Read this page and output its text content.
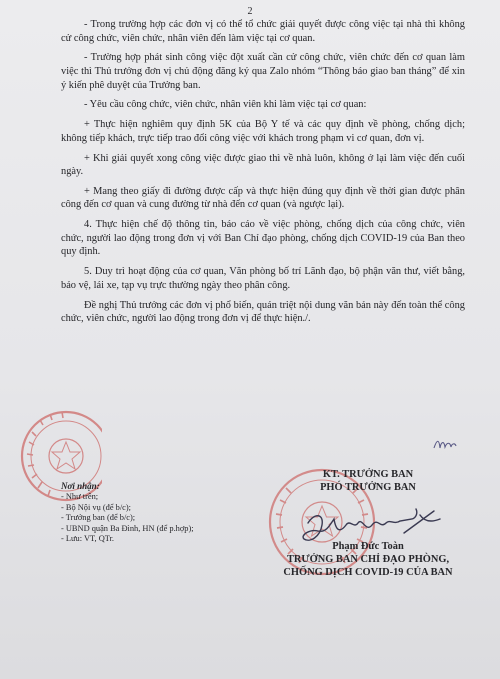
2

- Trong trường hợp các đơn vị có thể tổ chức giải quyết được công việc tại nhà thì không cử công chức, viên chức, nhân viên đến làm việc tại cơ quan.

- Trường hợp phát sinh công việc đột xuất cần cử công chức, viên chức đến cơ quan làm việc thì Thủ trưởng đơn vị chủ động đăng ký qua Zalo nhóm “Thông báo giao ban tháng” để xin ý kiến phê duyệt của Trưởng ban.

- Yêu cầu công chức, viên chức, nhân viên khi làm việc tại cơ quan:

+ Thực hiện nghiêm quy định 5K của Bộ Y tế và các quy định về phòng, chống dịch; không tiếp khách, trực tiếp trao đổi công việc với khách trong phạm vi cơ quan, đơn vị.

+ Khi giải quyết xong công việc được giao thì về nhà luôn, không ở lại làm việc đến cuối ngày.

+ Mang theo giấy đi đường được cấp và thực hiện đúng quy định về thời gian được phân công đến cơ quan và cung đường từ nhà đến cơ quan (và ngược lại).

4. Thực hiện chế độ thông tin, báo cáo về việc phòng, chống dịch của công chức, viên chức, người lao động trong đơn vị với Ban Chỉ đạo phòng, chống dịch COVID-19 của Ban theo quy định.

5. Duy trì hoạt động của cơ quan, Văn phòng bố trí Lãnh đạo, bộ phận văn thư, viết bằng, bảo vệ, lái xe, tạp vụ trực thường ngày theo phân công.

Đề nghị Thủ trưởng các đơn vị phổ biến, quán triệt nội dung văn bản này đến toàn thể công chức, viên chức, người lao động trong đơn vị để thực hiện./.

Nơi nhận:
- Như trên;
- Bộ Nội vụ (để b/c);
- Trưởng ban (để b/c);
- UBND quận Ba Đình, HN (để p.hợp);
- Lưu: VT, QTr.
KT. TRƯỞNG BAN
PHÓ TRƯỞNG BAN
Phạm Đức Toàn
TRƯỞNG BAN CHỈ ĐẠO PHÒNG,
CHỐNG DỊCH COVID-19 CỦA BAN
